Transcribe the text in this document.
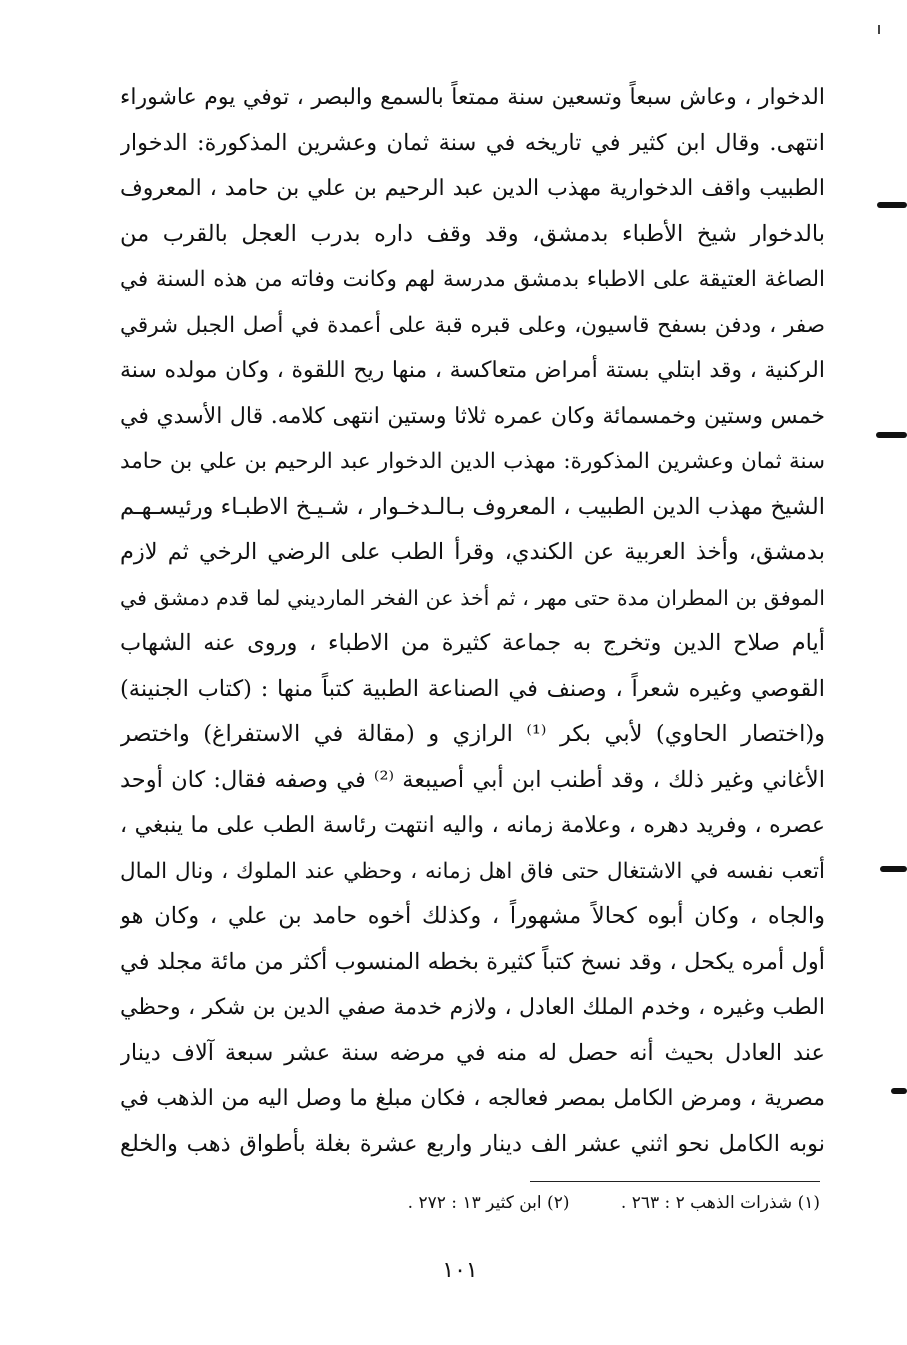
الدخوار ، وعاش سبعاً وتسعين سنة ممتعاً بالسمع والبصر ، توفي يوم عاشوراء
انتهى. وقال ابن كثير في تاريخه في سنة ثمان وعشرين المذكورة: الدخوار
الطبيب واقف الدخوارية مهذب الدين عبد الرحيم بن علي بن حامد ، المعروف
بالدخوار شيخ الأطباء بدمشق، وقد وقف داره بدرب العجل بالقرب من
الصاغة العتيقة على الاطباء بدمشق مدرسة لهم وكانت وفاته من هذه السنة في
صفر ، ودفن بسفح قاسيون، وعلى قبره قبة على أعمدة في أصل الجبل شرقي
الركنية ، وقد ابتلي بستة أمراض متعاكسة ، منها ريح اللقوة ، وكان مولده سنة
خمس وستين وخمسمائة وكان عمره ثلاثا وستين انتهى كلامه. قال الأسدي في
سنة ثمان وعشرين المذكورة: مهذب الدين الدخوار عبد الرحيم بن علي بن حامد
الشيخ مهذب الدين الطبيب ، المعروف بـالـدخـوار ، شـيـخ الاطبـاء ورئيسـهـم
بدمشق، وأخذ العربية عن الكندي، وقرأ الطب على الرضي الرخي ثم لازم
الموفق بن المطران مدة حتى مهر ، ثم أخذ عن الفخر المارديني لما قدم دمشق في
أيام صلاح الدين وتخرج به جماعة كثيرة من الاطباء ، وروى عنه الشهاب
القوصي وغيره شعراً ، وصنف في الصناعة الطبية كتباً منها : (كتاب الجنينة)
و(اختصار الحاوي) لأبي بكر ⁽¹⁾ الرازي و (مقالة في الاستفراغ) واختصر
الأغاني وغير ذلك ، وقد أطنب ابن أبي أصيبعة ⁽²⁾ في وصفه فقال: كان أوحد
عصره ، وفريد دهره ، وعلامة زمانه ، واليه انتهت رئاسة الطب على ما ينبغي ،
أتعب نفسه في الاشتغال حتى فاق اهل زمانه ، وحظي عند الملوك ، ونال المال
والجاه ، وكان أبوه كحالاً مشهوراً ، وكذلك أخوه حامد بن علي ، وكان هو
أول أمره يكحل ، وقد نسخ كتباً كثيرة بخطه المنسوب أكثر من مائة مجلد في
الطب وغيره ، وخدم الملك العادل ، ولازم خدمة صفي الدين بن شكر ، وحظي
عند العادل بحيث أنه حصل له منه في مرضه سنة عشر سبعة آلاف دينار
مصرية ، ومرض الكامل بمصر فعالجه ، فكان مبلغ ما وصل اليه من الذهب في
نوبه الكامل نحو اثني عشر الف دينار واربع عشرة بغلة بأطواق ذهب والخلع
(١) شذرات الذهب ٢ : ٢٦٣ . (٢) ابن كثير ١٣ : ٢٧٢ .
١٠١
